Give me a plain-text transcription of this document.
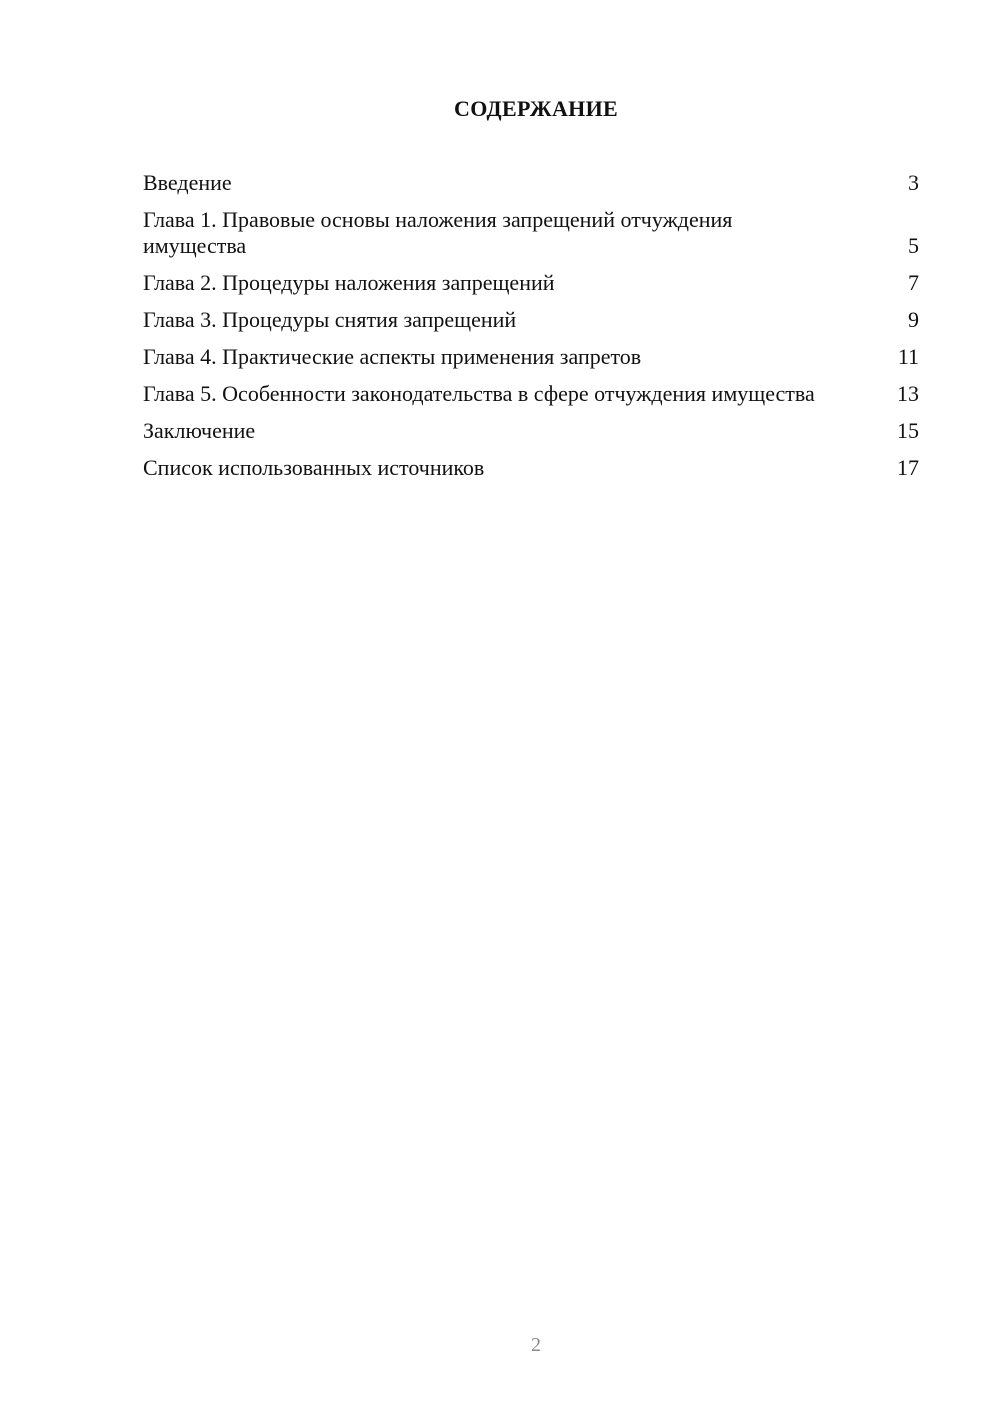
СОДЕРЖАНИЕ
Введение	3
Глава 1. Правовые основы наложения запрещений отчуждения имущества	5
Глава 2. Процедуры наложения запрещений	7
Глава 3. Процедуры снятия запрещений	9
Глава 4. Практические аспекты применения запретов	11
Глава 5. Особенности законодательства в сфере отчуждения имущества	13
Заключение	15
Список использованных источников	17
2
